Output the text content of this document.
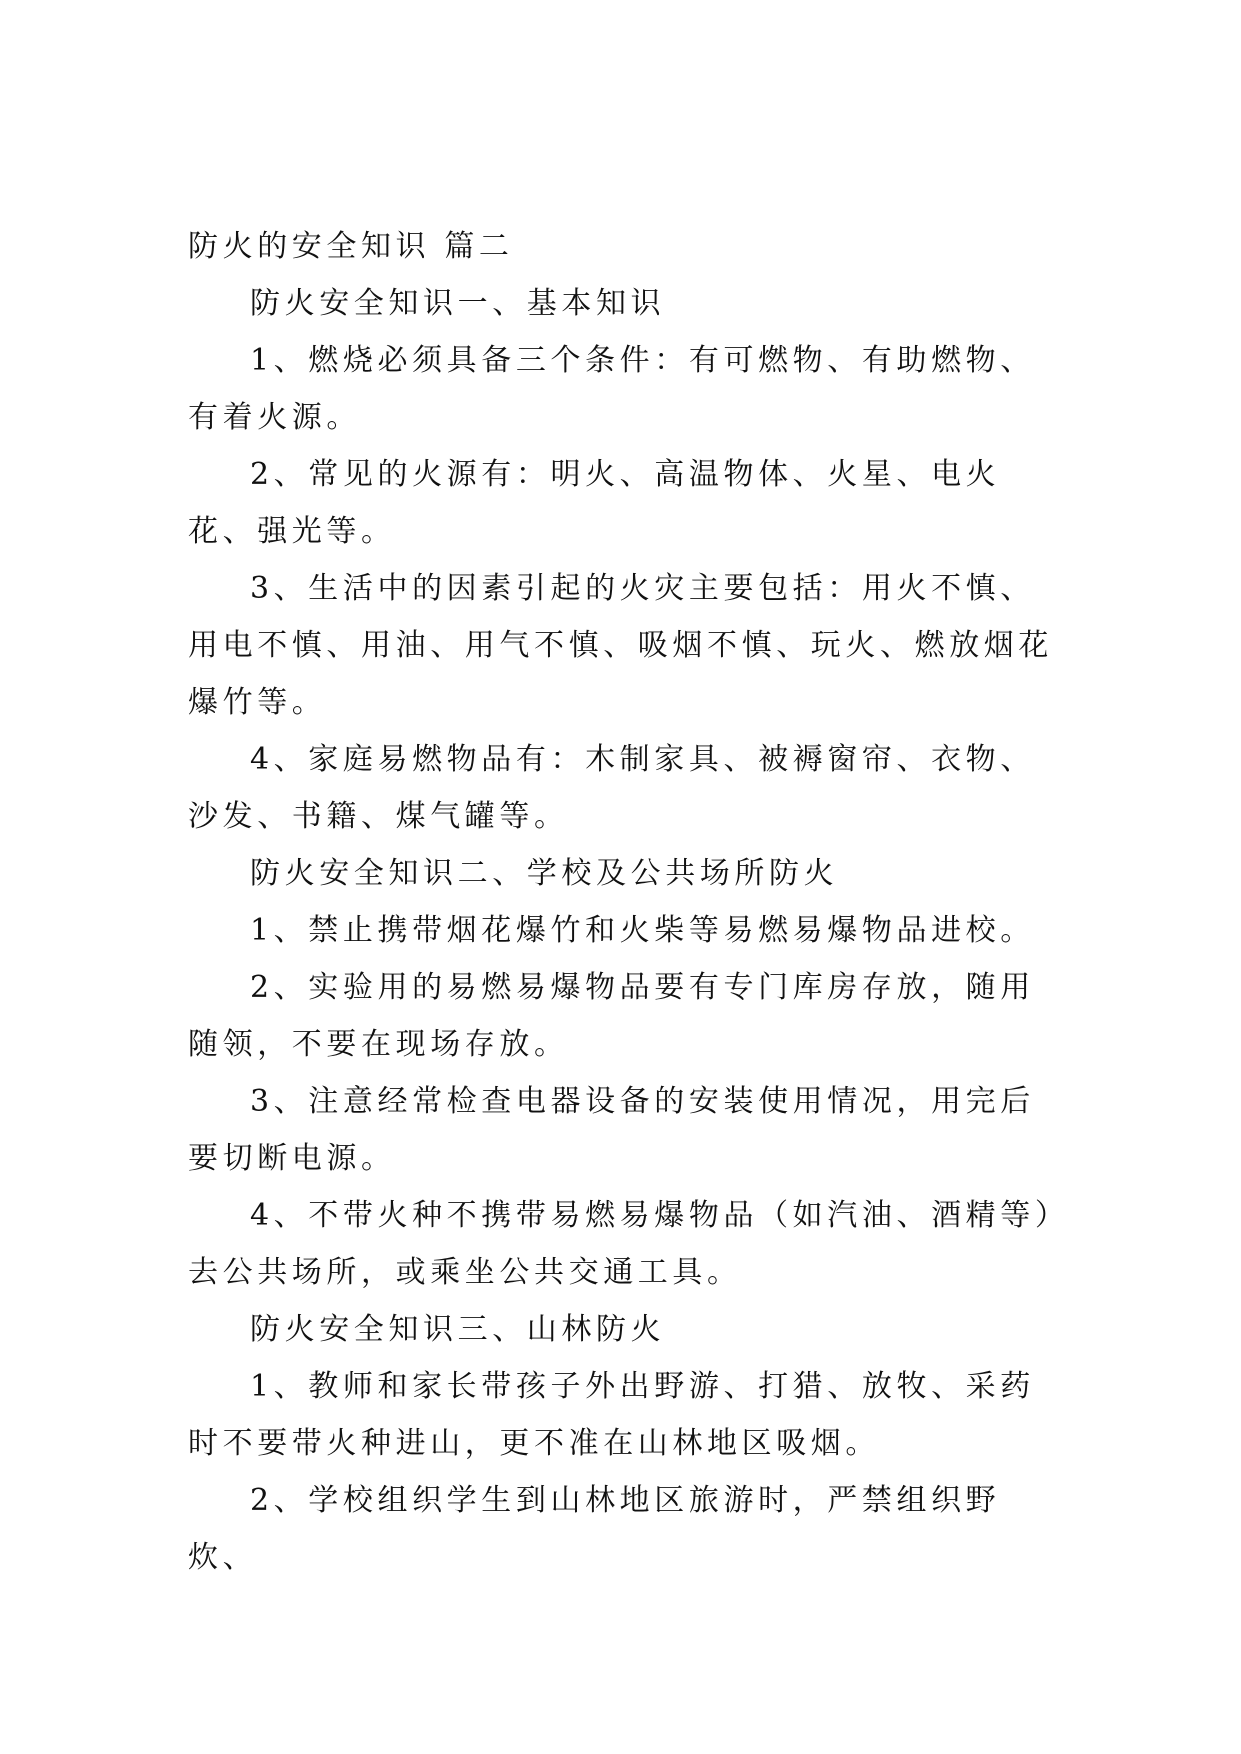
防火的安全知识 篇二

防火安全知识一、基本知识

1、燃烧必须具备三个条件：有可燃物、有助燃物、有着火源。

2、常见的火源有：明火、高温物体、火星、电火花、强光等。

3、生活中的因素引起的火灾主要包括：用火不慎、用电不慎、用油、用气不慎、吸烟不慎、玩火、燃放烟花爆竹等。

4、家庭易燃物品有：木制家具、被褥窗帘、衣物、沙发、书籍、煤气罐等。

防火安全知识二、学校及公共场所防火

1、禁止携带烟花爆竹和火柴等易燃易爆物品进校。

2、实验用的易燃易爆物品要有专门库房存放，随用随领，不要在现场存放。

3、注意经常检查电器设备的安装使用情况，用完后要切断电源。

4、不带火种不携带易燃易爆物品（如汽油、酒精等）去公共场所，或乘坐公共交通工具。

防火安全知识三、山林防火

1、教师和家长带孩子外出野游、打猎、放牧、采药时不要带火种进山，更不准在山林地区吸烟。

2、学校组织学生到山林地区旅游时，严禁组织野炊、
